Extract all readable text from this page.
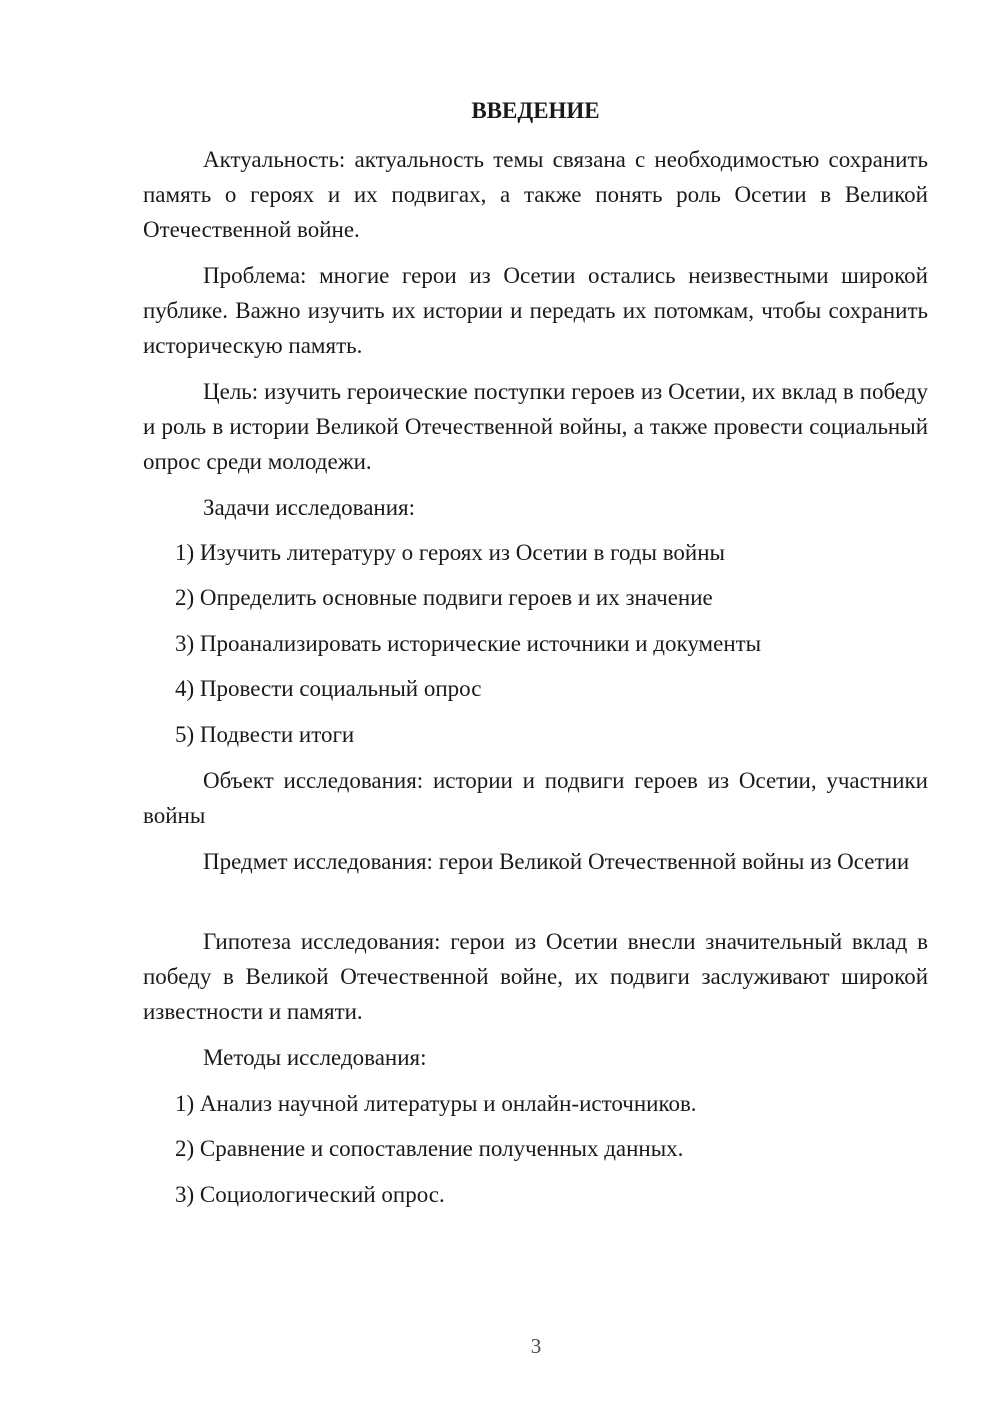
ВВЕДЕНИЕ
Актуальность: актуальность темы связана с необходимостью сохранить память о героях и их подвигах, а также понять роль Осетии в Великой Отечественной войне.
Проблема: многие герои из Осетии остались неизвестными широкой публике. Важно изучить их истории и передать их потомкам, чтобы сохранить историческую память.
Цель: изучить героические поступки героев из Осетии, их вклад в победу и роль в истории Великой Отечественной войны, а также провести социальный опрос среди молодежи.
Задачи исследования:
1) Изучить литературу о героях из Осетии в годы войны
2) Определить основные подвиги героев и их значение
3) Проанализировать исторические источники и документы
4) Провести социальный опрос
5) Подвести итоги
Объект исследования: истории и подвиги героев из Осетии, участники войны
Предмет исследования: герои Великой Отечественной войны из Осетии
Гипотеза исследования: герои из Осетии внесли значительный вклад в победу в Великой Отечественной войне, их подвиги заслуживают широкой известности и памяти.
Методы исследования:
1) Анализ научной литературы и онлайн-источников.
2) Сравнение и сопоставление полученных данных.
3) Социологический опрос.
3
